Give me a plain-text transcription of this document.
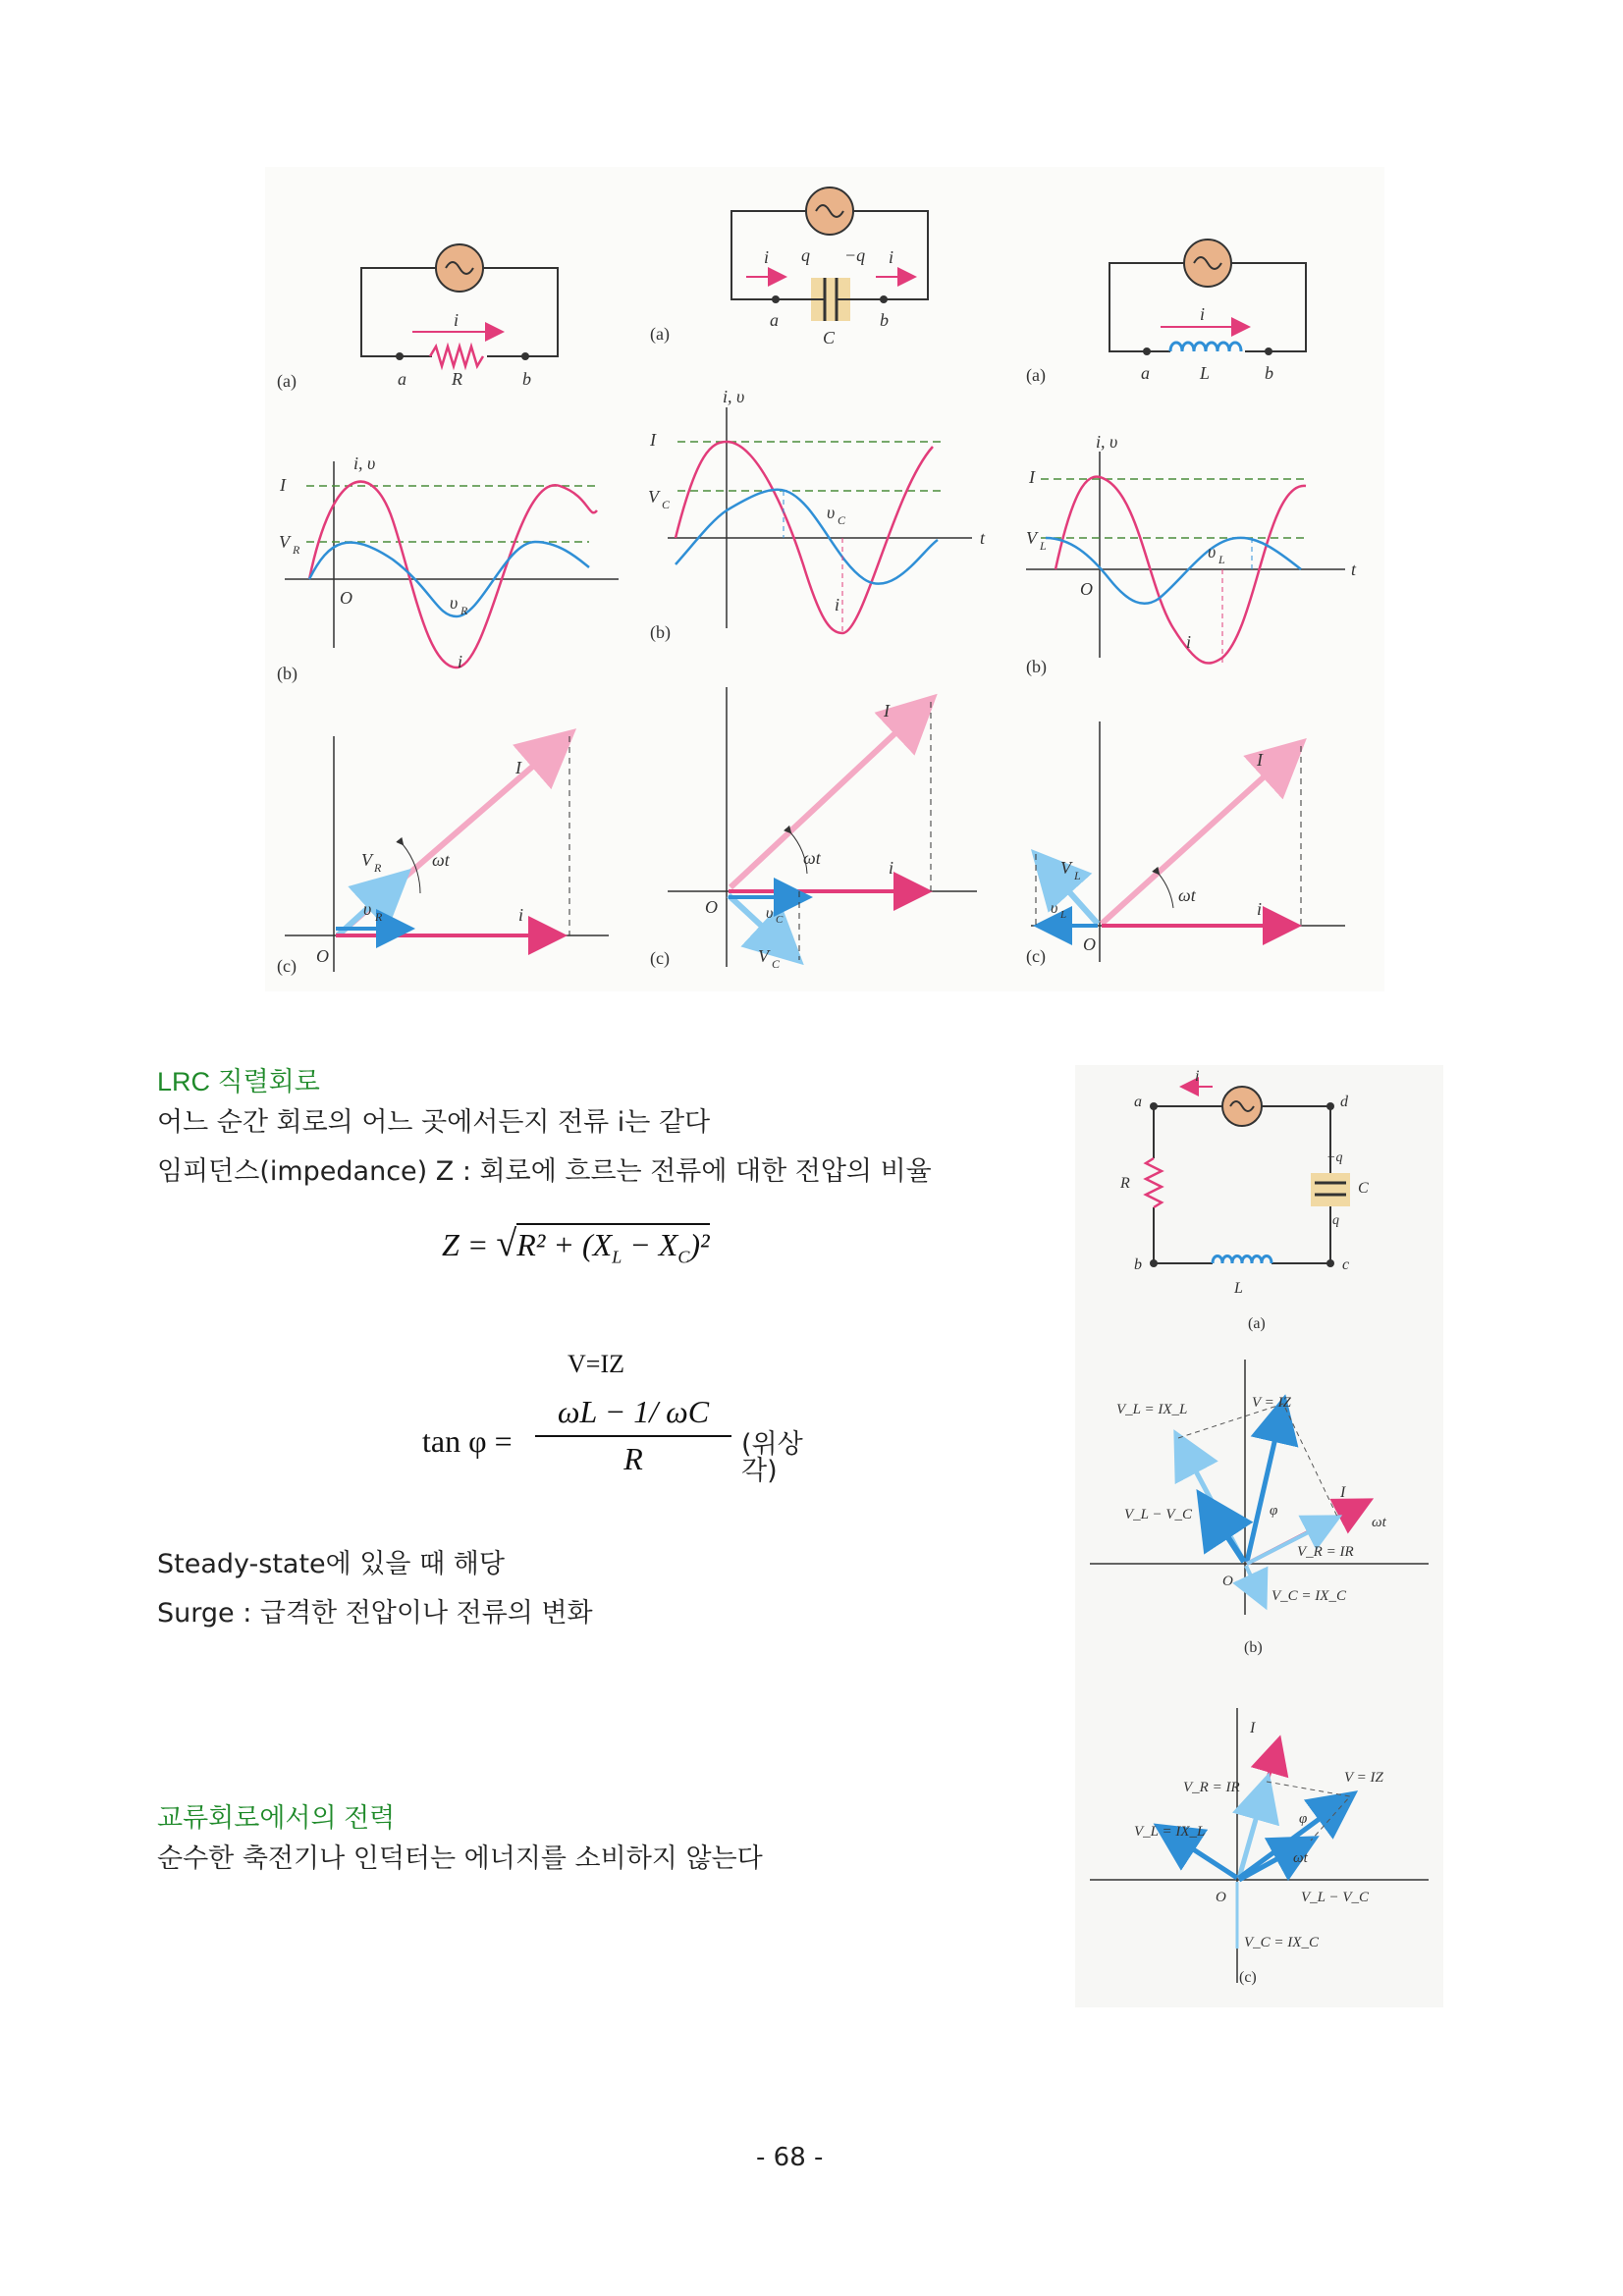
i
a	R	b
(a)
i, υ
I
V R
O	υ R
i
(b)
I
ωt
V R
υ R	i
O
(c)
i	i
q −q
a
C
b
(a)
i, υ
I
V C	υ C
i
t
(b)
I
ωt	i
O	υ C
V C
(c)
i
a	L	b
(a)
i, υ
I
V L	υ L
O
i
t
(b)
I
ωt
V L
υ L	i
O
(c)
i
a	d
b	c
R
L
C
−q
q
(a)
V_L = IX_L	V = IZ
I
V_L − V_C	φ
ωt
V_R = IR
O
V_C = IX_C
(b)
I
V_R = IR
V = IZ
V_L = IX_L
φ
ωt
O	V_L − V_C
V_C = IX_C
(c)
LRC 직렬회로
어느 순간 회로의 어느 곳에서든지 전류 i는 같다
임피던스(impedance) Z : 회로에 흐르는 전류에 대한 전압의 비율
$Z = √R^2 + (X_L - X_C)^2$
V=IZ
tan φ =
ωL − 1/ ωC
R	(위상각)
Steady-state에 있을 때 해당
Surge : 급격한 전압이나 전류의 변화
교류회로에서의 전력
순수한 축전기나 인덕터는 에너지를 소비하지 않는다
- 68 -
